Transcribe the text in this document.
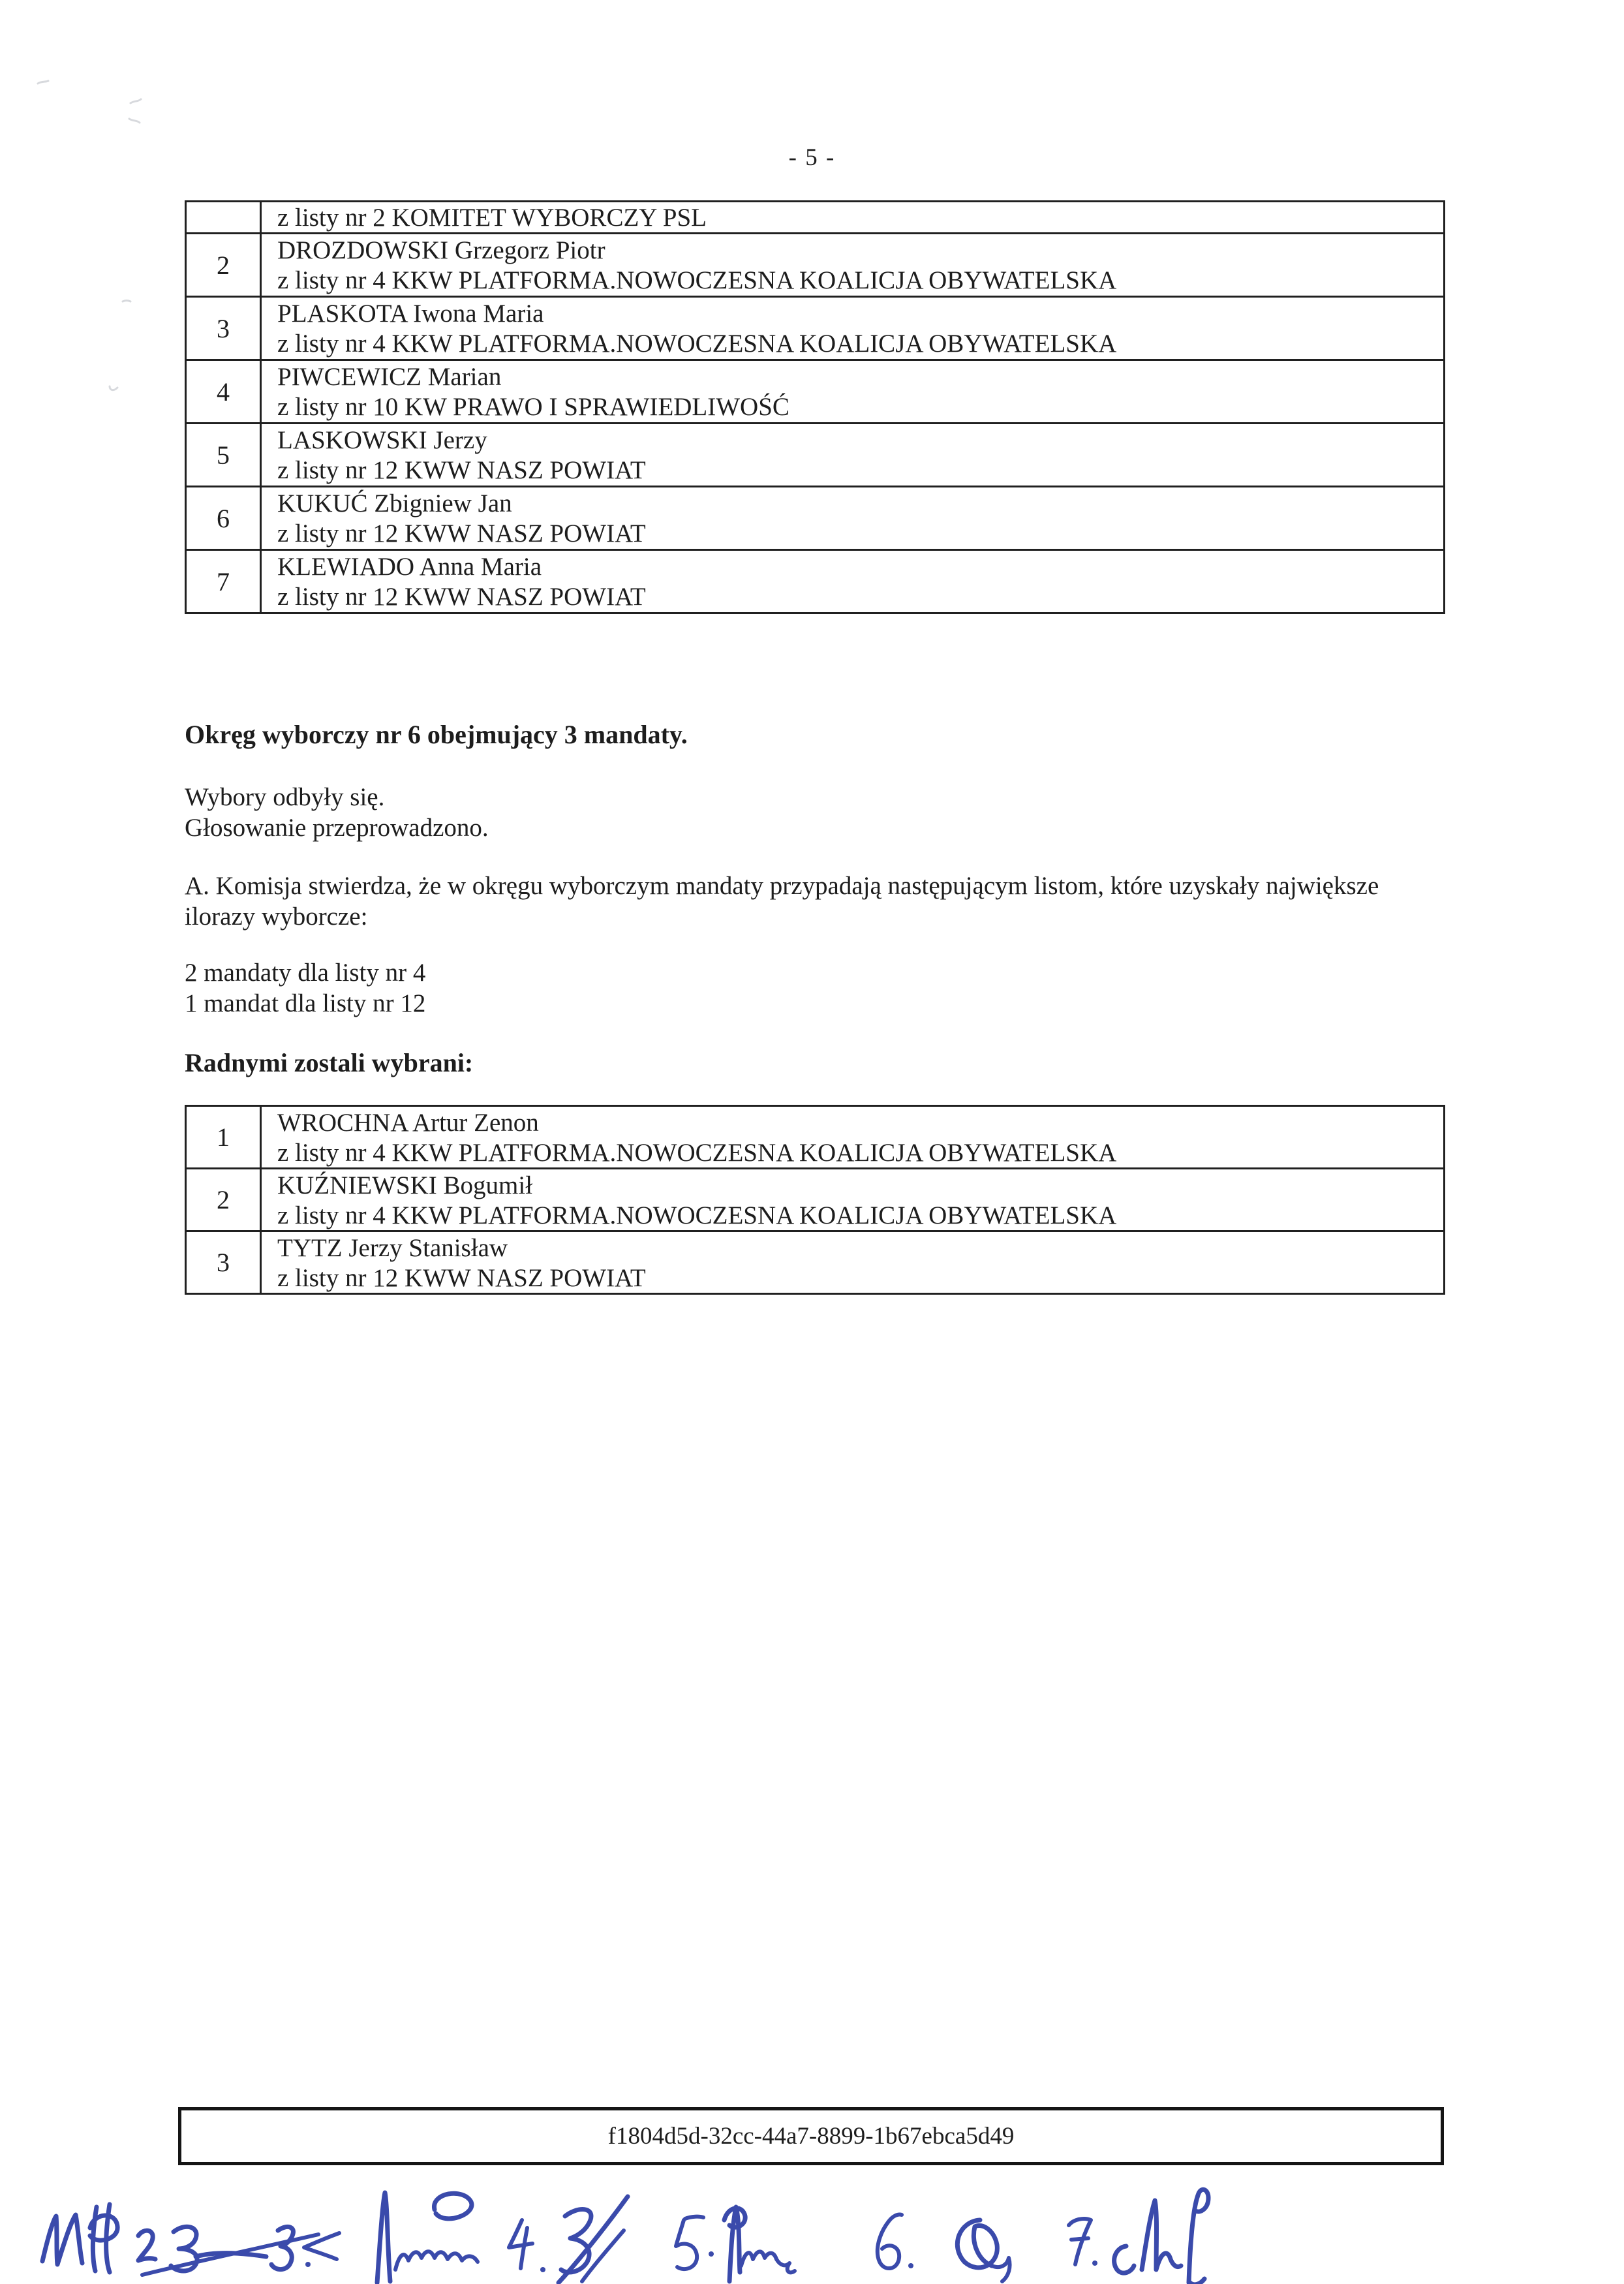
- 5 -

	z listy nr 2 KOMITET WYBORCZY PSL

2	DROZDOWSKI Grzegorz Piotr
z listy nr 4 KKW PLATFORMA.NOWOCZESNA KOALICJA OBYWATELSKA

3	PLASKOTA Iwona Maria
z listy nr 4 KKW PLATFORMA.NOWOCZESNA KOALICJA OBYWATELSKA

4	PIWCEWICZ Marian
z listy nr 10 KW PRAWO I SPRAWIEDLIWOŚĆ

5	LASKOWSKI Jerzy
z listy nr 12 KWW NASZ POWIAT

6	KUKUĆ Zbigniew Jan
z listy nr 12 KWW NASZ POWIAT

7	KLEWIADO Anna Maria
z listy nr 12 KWW NASZ POWIAT
Okręg wyborczy nr 6 obejmujący 3 mandaty.
Wybory odbyły się.
Głosowanie przeprowadzono.
A. Komisja stwierdza, że w okręgu wyborczym mandaty przypadają następującym listom, które uzyskały największe
ilorazy wyborcze:
2 mandaty dla listy nr 4
1 mandat dla listy nr 12
Radnymi zostali wybrani:
1	WROCHNA Artur Zenon
z listy nr 4 KKW PLATFORMA.NOWOCZESNA KOALICJA OBYWATELSKA

2	KUŹNIEWSKI Bogumił
z listy nr 4 KKW PLATFORMA.NOWOCZESNA KOALICJA OBYWATELSKA

3	TYTZ Jerzy Stanisław
z listy nr 12 KWW NASZ POWIAT
f1804d5d-32cc-44a7-8899-1b67ebca5d49
